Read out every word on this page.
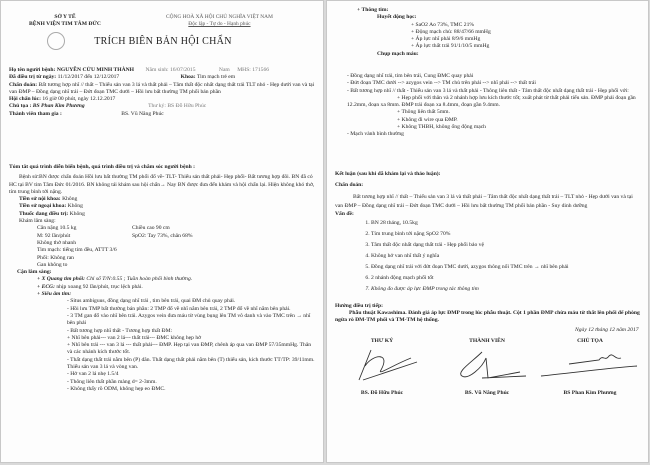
SỞ Y TẾ
BỆNH VIỆN TIM TÂM ĐỨC
CỘNG HOÀ XÃ HỘI CHỦ NGHĨA VIỆT NAM
Độc lập - Tự do - Hạnh phúc
TRÍCH BIÊN BẢN HỘI CHẨN
Họ tên người bệnh: NGUYỄN CỬU MINH THÀNH Năm sinh: 16/07/2015	Nam MHS: 171566
Đã điều trị từ ngày: 11/12/2017 đến 12/12/2017	Khoa: Tim mạch trẻ em
Chẩn đoán: Bất tương hợp nhĩ // thất – Thiểu sản van 3 lá và thất phải – Tâm thất độc nhất dạng thất trái TLT nhỏ - Hẹp dưới van và tại van ĐMP – Đồng dạng nhĩ trái – Đứt đoạn TMC dưới – Hồi lưu bất thường TM phổi bán phần
Hội chẩn lúc: 16 giờ 00 phút, ngày 12.12.2017
Chủ tọa : BS Phan Kim Phương	Thư ký: BS Đỗ Hữu Phúc
Thành viên tham gia :	BS. Vũ Năng Phúc
Tóm tắt quá trình diễn biến bệnh, quá trình điều trị và chăm sóc người bệnh :
Bệnh sử:BN được chẩn đoán Hồi lưu bất thường TM phổi đổ về- TLT- Thiểu sản thất phải- Hẹp phổi- Bất tương hợp đôi. BN đã có HC tại BV tim Tâm Đức 01/2016. BN không tái khám sau hội chẩn→ Nay BN được đưa đến khám và hội chẩn lại. Hiện không khó thở, tím trung bình tới nặng.
Tiền sử nội khoa: Không
Tiền sử ngoại khoa: Không
Thuốc đang điều trị: Không
Khám lâm sàng:
Cân nặng 10.5 kg	Chiều cao 90 cm
M: 92 lần/phút	SpO2: Tay 73%, chân 68%
Không thở nhanh
Tim mạch: tiếng tim đều, ATTT 3/6
Phổi: Không ran
Gan không to
Cận lâm sàng:
+ X Quang tim phổi: Chỉ số T/N:0.55 ; Tuần hoàn phổi bình thường.
+ ECG: nhịp xoang 92 lần/phút, trục lệch phải.
+ Siêu âm tim:
- Situs ambiguus, đồng dạng nhĩ trái , tim bên trái, quai ĐM chủ quay phải.
- Hồi lưu TMP bất thường bán phần: 2 TMP đổ về nhĩ nằm bên trái, 2 TMP đổ về nhĩ nằm bên phải.
- 3 TM gan đổ vào nhĩ bên trái. Azygos vein đưa máu từ vùng bụng lên TM vô danh và vào TMC trên → nhĩ bên phải
- Bất tương hợp nhĩ thất - Tương hợp thất ĐM:
+ Nhĩ bên phải--- van 2 lá--- thất trái--- ĐMC không hẹp hở
+ Nhĩ bên trái --- van 3 lá --- thất phải--- ĐMP. Hẹp tại van ĐMP, chênh áp qua van ĐMP 57/35mmHg. Thân và các nhánh kích thước tốt.
- Thất dạng thất trái nằm bên (P) dãn. Thất dạng thất phải nằm bên (T) thiểu sản, kích thước TT/TP: 39/11mm. Thiểu sản van 3 lá và vòng van.
- Hở van 2 lá nhẹ 1.5/4
- Thông liên thất phần màng d= 2-3mm.
- Không thấy rõ ODM, không hẹp eo ĐMC.
+ Thông tim:
Huyết động học:
+ SaO2 Ao 73%, TMC 21%
+ Động mạch chủ: 88/47/66 mmHg
+ Áp lực nhĩ phải 8/9/6 mmHg
+ Áp lực thất trái 91/1/10/5 mmHg
Chụp mạch máu:
- Đồng dạng nhĩ trái, tim bên trái, Cung ĐMC quay phải
- Đứt đoạn TMC dưới --> azygos vein --> TM chủ trên phải --> nhĩ phải --> thất trái
- Bất tương hợp nhĩ // thất - Thiểu sản van 3 lá và thất phải - Thông liên thất - Tâm thất độc nhất dạng thất trái - Hẹp phổi với:
+ Hẹp phổi với thân và 2 nhánh hợp lưu kích thước tốt; xuất phát từ thất phải tiểu sản. ĐMP phải đoạn gần 12.2mm, đoạn xa 8mm. ĐMP trái đoạn xa 8.4mm, đoạn gần 9.4mm.
+ Thông liên thất 5mm.
+ Không đi wire qua ĐMP.
+ Không THBH, không ống động mạch
- Mạch vành bình thường
Kết luận (sau khi đã khám lại và thảo luận):
Chẩn đoán:
Bất tương hợp nhĩ // thất – Thiểu sản van 3 lá và thất phải – Tâm thất độc nhất dạng thất trái – TLT nhỏ - Hẹp dưới van và tại van ĐMP – Đồng dạng nhĩ trái – Đứt đoạn TMC dưới – Hồi lưu bất thường TM phổi bán phần - Suy dinh dưỡng
Vấn đề:
1. BN 28 tháng, 10.5kg
2. Tím trung bình tới nặng SpO2 70%
3. Tâm thất độc nhất dạng thất trái - Hẹp phổi bảo vệ
4. Không hở van nhĩ thất ý nghĩa
5. Đồng dạng nhĩ trái với đứt đoạn TMC dưới, azygos thông nối TMC trên → nhĩ bên phải
6. 2 nhánh động mạch phổi tốt
7. Không đo được áp lực ĐMP trong tác thông tim
Hướng điều trị tiếp:
Phẫu thuật Kawashima. Đánh giá áp lực ĐMP trong lúc phẫu thuật. Cột 1 phần ĐMP chừa máu từ thất lên phổi để phòng ngừa rò ĐM-TM phổi và TM-TM hệ thống.
Ngày 12 tháng 12 năm 2017
THƯ KÝ
BS. Đỗ Hữu Phúc
THÀNH VIÊN
BS. Vũ Năng Phúc
CHỦ TỌA
BS Phan Kim Phương
